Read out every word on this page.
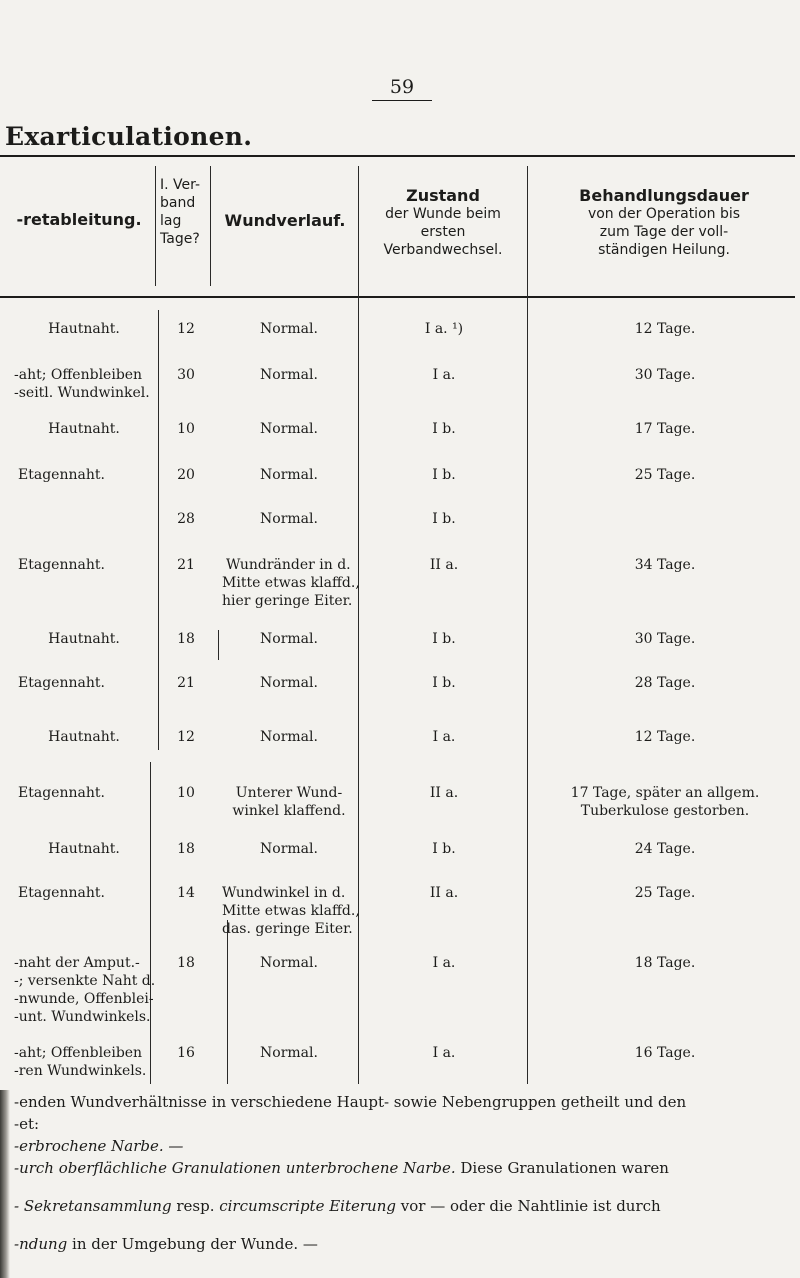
59
Exarticulationen.
-retableitung.
I. Ver-
band
lag
Tage?
Wundverlauf.
Zustand
der Wunde beim
ersten
Verbandwechsel.
Behandlungsdauer
von der Operation bis
zum Tage der voll-
ständigen Heilung.
Hautnaht.	12	Normal.	I a. ¹)	12 Tage.
-aht; Offenbleiben
-seitl. Wundwinkel.
30	Normal.	I a.	30 Tage.
Hautnaht.	10	Normal.	I b.	17 Tage.
Etagennaht.	20	Normal.	I b.	25 Tage.
28	Normal.	I b.
Etagennaht.	21	Wundränder in d.
Mitte etwas klaffd.,
hier geringe Eiter.
II a.	34 Tage.
Hautnaht.	18	Normal.	I b.	30 Tage.
Etagennaht.	21	Normal.	I b.	28 Tage.
Hautnaht.	12	Normal.	I a.	12 Tage.
Etagennaht.	10	Unterer Wund-
winkel klaffend.
II a.	17 Tage, später an allgem.
Tuberkulose gestorben.
Hautnaht.	18	Normal.	I b.	24 Tage.
Etagennaht.	14	Wundwinkel in d.
Mitte etwas klaffd.,
das. geringe Eiter.
II a.	25 Tage.
-naht der Amput.-
-; versenkte Naht d.
-nwunde, Offenblei-
-unt. Wundwinkels.
18	Normal.	I a.	18 Tage.
-aht; Offenbleiben
-ren Wundwinkels.
16	Normal.	I a.	16 Tage.
-enden Wundverhältnisse in verschiedene Haupt- sowie Nebengruppen getheilt und den
-et:
-erbrochene Narbe. —
-urch oberflächliche Granulationen unterbrochene Narbe. Diese Granulationen waren
- Sekretansammlung resp. circumscripte Eiterung vor — oder die Nahtlinie ist durch
-ndung in der Umgebung der Wunde. —
